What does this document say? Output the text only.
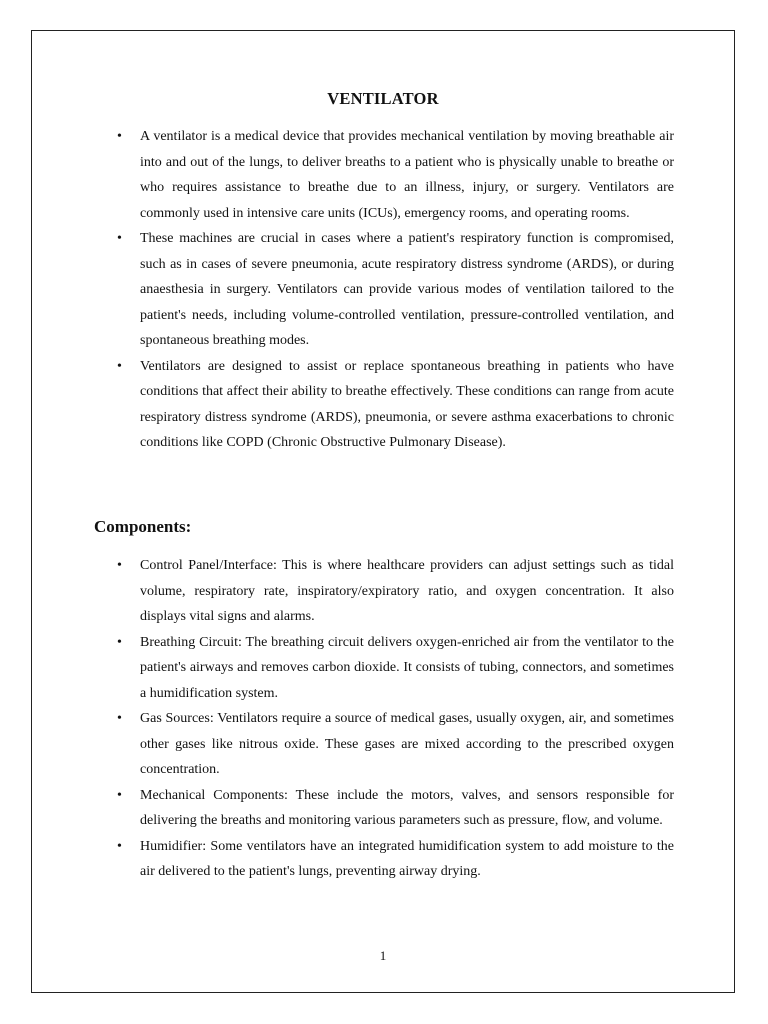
VENTILATOR
• A ventilator is a medical device that provides mechanical ventilation by moving breathable air into and out of the lungs, to deliver breaths to a patient who is physically unable to breathe or who requires assistance to breathe due to an illness, injury, or surgery. Ventilators are commonly used in intensive care units (ICUs), emergency rooms, and operating rooms.
• These machines are crucial in cases where a patient's respiratory function is compromised, such as in cases of severe pneumonia, acute respiratory distress syndrome (ARDS), or during anaesthesia in surgery. Ventilators can provide various modes of ventilation tailored to the patient's needs, including volume-controlled ventilation, pressure-controlled ventilation, and spontaneous breathing modes.
• Ventilators are designed to assist or replace spontaneous breathing in patients who have conditions that affect their ability to breathe effectively. These conditions can range from acute respiratory distress syndrome (ARDS), pneumonia, or severe asthma exacerbations to chronic conditions like COPD (Chronic Obstructive Pulmonary Disease).
Components:
• Control Panel/Interface: This is where healthcare providers can adjust settings such as tidal volume, respiratory rate, inspiratory/expiratory ratio, and oxygen concentration. It also displays vital signs and alarms.
• Breathing Circuit: The breathing circuit delivers oxygen-enriched air from the ventilator to the patient's airways and removes carbon dioxide. It consists of tubing, connectors, and sometimes a humidification system.
• Gas Sources: Ventilators require a source of medical gases, usually oxygen, air, and sometimes other gases like nitrous oxide. These gases are mixed according to the prescribed oxygen concentration.
• Mechanical Components: These include the motors, valves, and sensors responsible for delivering the breaths and monitoring various parameters such as pressure, flow, and volume.
• Humidifier: Some ventilators have an integrated humidification system to add moisture to the air delivered to the patient's lungs, preventing airway drying.
1
